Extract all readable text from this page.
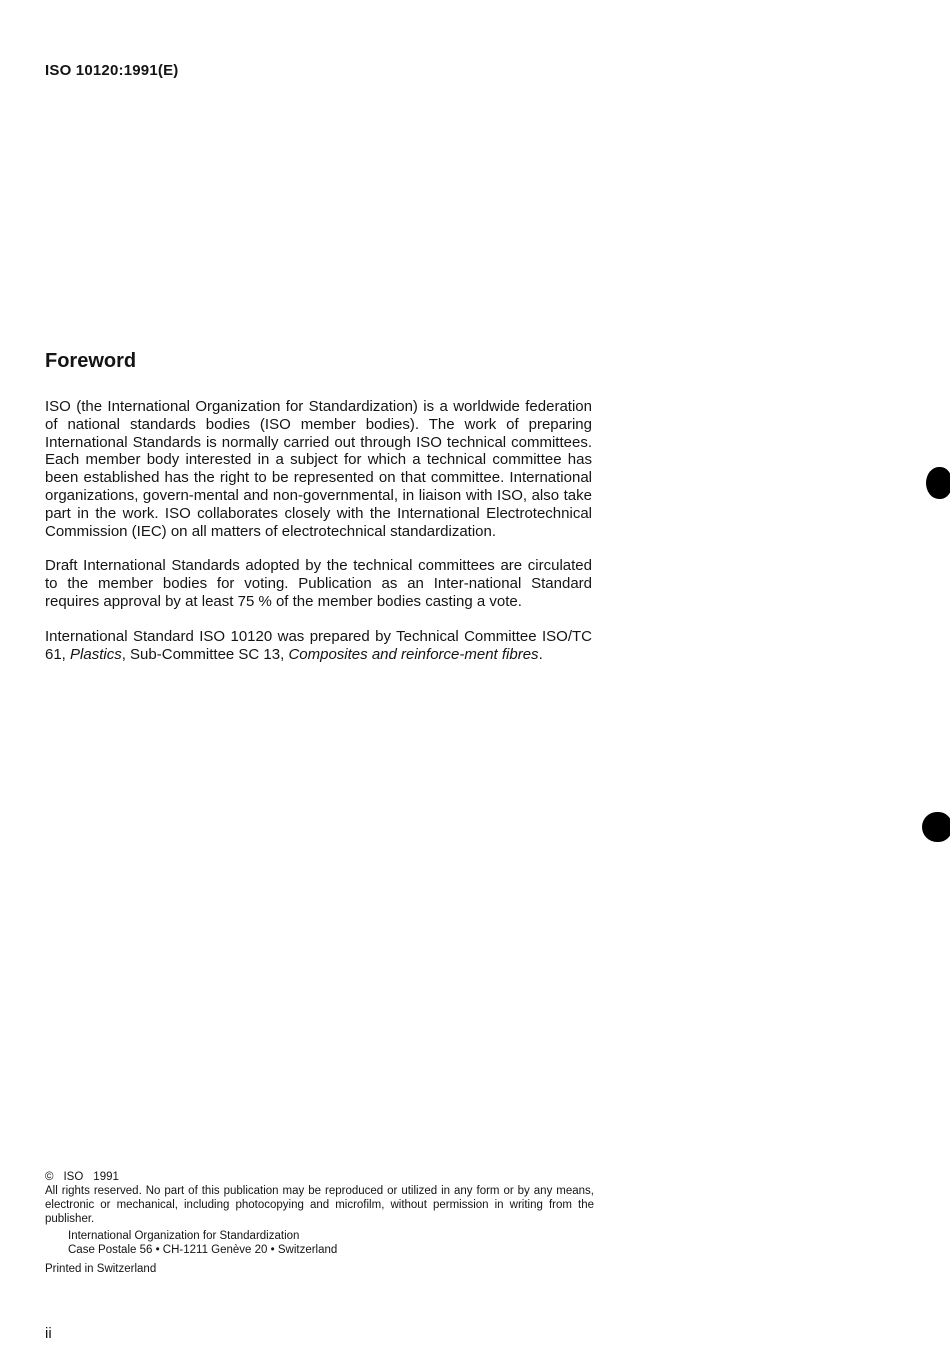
ISO 10120:1991(E)
Foreword

ISO (the International Organization for Standardization) is a worldwide federation of national standards bodies (ISO member bodies). The work of preparing International Standards is normally carried out through ISO technical committees. Each member body interested in a subject for which a technical committee has been established has the right to be represented on that committee. International organizations, govern-mental and non-governmental, in liaison with ISO, also take part in the work. ISO collaborates closely with the International Electrotechnical Commission (IEC) on all matters of electrotechnical standardization.

Draft International Standards adopted by the technical committees are circulated to the member bodies for voting. Publication as an Inter-national Standard requires approval by at least 75 % of the member bodies casting a vote.

International Standard ISO 10120 was prepared by Technical Committee ISO/TC 61, Plastics, Sub-Committee SC 13, Composites and reinforce-ment fibres.

© ISO 1991
All rights reserved. No part of this publication may be reproduced or utilized in any form or by any means, electronic or mechanical, including photocopying and microfilm, without permission in writing from the publisher.
International Organization for Standardization
Case Postale 56 • CH-1211 Genève 20 • Switzerland
Printed in Switzerland
ii
